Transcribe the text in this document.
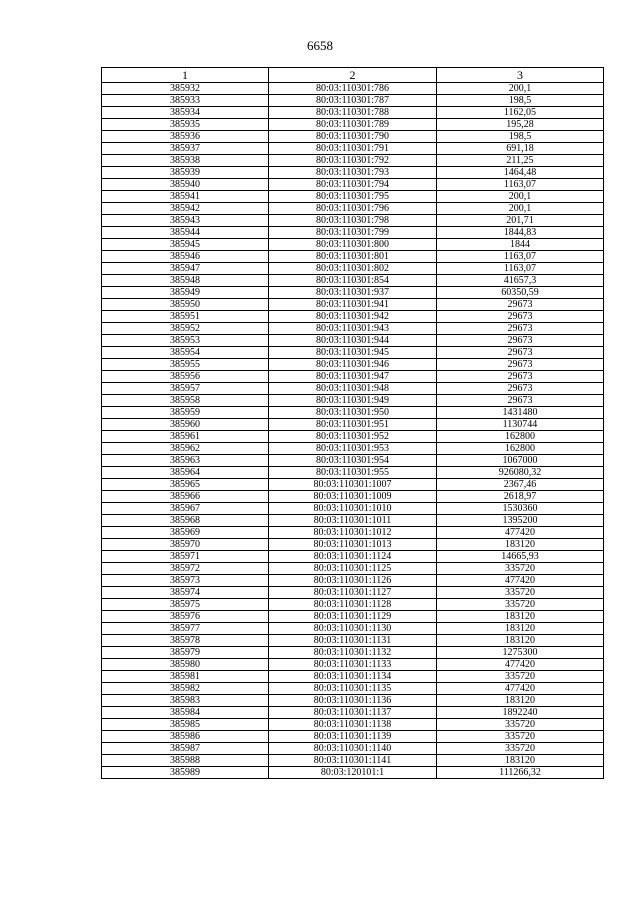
6658
1	2	3
385932	80:03:110301:786	200,1
385933	80:03:110301:787	198,5
385934	80:03:110301:788	1162,05
385935	80:03:110301:789	195,28
385936	80:03:110301:790	198,5
385937	80:03:110301:791	691,18
385938	80:03:110301:792	211,25
385939	80:03:110301:793	1464,48
385940	80:03:110301:794	1163,07
385941	80:03:110301:795	200,1
385942	80:03:110301:796	200,1
385943	80:03:110301:798	201,71
385944	80:03:110301:799	1844,83
385945	80:03:110301:800	1844
385946	80:03:110301:801	1163,07
385947	80:03:110301:802	1163,07
385948	80:03:110301:854	41657,3
385949	80:03:110301:937	60350,59
385950	80:03:110301:941	29673
385951	80:03:110301:942	29673
385952	80:03:110301:943	29673
385953	80:03:110301:944	29673
385954	80:03:110301:945	29673
385955	80:03:110301:946	29673
385956	80:03:110301:947	29673
385957	80:03:110301:948	29673
385958	80:03:110301:949	29673
385959	80:03:110301:950	1431480
385960	80:03:110301:951	1130744
385961	80:03:110301:952	162800
385962	80:03:110301:953	162800
385963	80:03:110301:954	1067000
385964	80:03:110301:955	926080,32
385965	80:03:110301:1007	2367,46
385966	80:03:110301:1009	2618,97
385967	80:03:110301:1010	1530360
385968	80:03:110301:1011	1395200
385969	80:03:110301:1012	477420
385970	80:03:110301:1013	183120
385971	80:03:110301:1124	14665,93
385972	80:03:110301:1125	335720
385973	80:03:110301:1126	477420
385974	80:03:110301:1127	335720
385975	80:03:110301:1128	335720
385976	80:03:110301:1129	183120
385977	80:03:110301:1130	183120
385978	80:03:110301:1131	183120
385979	80:03:110301:1132	1275300
385980	80:03:110301:1133	477420
385981	80:03:110301:1134	335720
385982	80:03:110301:1135	477420
385983	80:03:110301:1136	183120
385984	80:03:110301:1137	1892240
385985	80:03:110301:1138	335720
385986	80:03:110301:1139	335720
385987	80:03:110301:1140	335720
385988	80:03:110301:1141	183120
385989	80:03:120101:1	111266,32
